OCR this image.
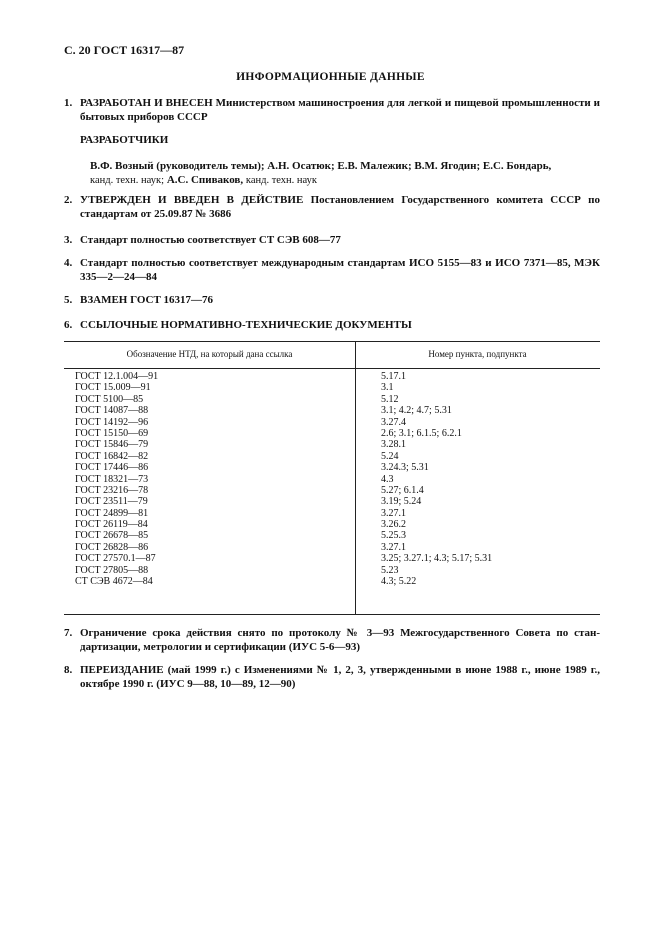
С. 20 ГОСТ 16317—87
ИНФОРМАЦИОННЫЕ ДАННЫЕ
1. РАЗРАБОТАН И ВНЕСЕН Министерством машиностроения для легкой и пищевой промышленности и бытовых приборов СССР
РАЗРАБОТЧИКИ
В.Ф. Возный (руководитель темы); А.Н. Осатюк; Е.В. Малежик; В.М. Ягодин; Е.С. Бондарь,
канд. техн. наук; А.С. Спиваков, канд. техн. наук
2. УТВЕРЖДЕН И ВВЕДЕН В ДЕЙСТВИЕ Постановлением Государственного комитета СССР по стандартам от 25.09.87 № 3686
3. Стандарт полностью соответствует СТ СЭВ 608—77
4. Стандарт полностью соответствует международным стандартам ИСО 5155—83 и ИСО 7371—85, МЭК 335—2—24—84
5. ВЗАМЕН ГОСТ 16317—76
6. ССЫЛОЧНЫЕ НОРМАТИВНО-ТЕХНИЧЕСКИЕ ДОКУМЕНТЫ
Обозначение НТД, на который дана ссылка	Номер пункта, подпункта
ГОСТ 12.1.004—91	5.17.1
ГОСТ 15.009—91	3.1
ГОСТ 5100—85	5.12
ГОСТ 14087—88	3.1; 4.2; 4.7; 5.31
ГОСТ 14192—96	3.27.4
ГОСТ 15150—69	2.6; 3.1; 6.1.5; 6.2.1
ГОСТ 15846—79	3.28.1
ГОСТ 16842—82	5.24
ГОСТ 17446—86	3.24.3; 5.31
ГОСТ 18321—73	4.3
ГОСТ 23216—78	5.27; 6.1.4
ГОСТ 23511—79	3.19; 5.24
ГОСТ 24899—81	3.27.1
ГОСТ 26119—84	3.26.2
ГОСТ 26678—85	5.25.3
ГОСТ 26828—86	3.27.1
ГОСТ 27570.1—87	3.25; 3.27.1; 4.3; 5.17; 5.31
ГОСТ 27805—88	5.23
СТ СЭВ 4672—84	4.3; 5.22
7. Ограничение срока действия снято по протоколу № 3—93 Межгосударственного Совета по стандартизации, метрологии и сертификации (ИУС 5-6—93)
8. ПЕРЕИЗДАНИЕ (май 1999 г.) с Изменениями № 1, 2, 3, утвержденными в июне 1988 г., июне 1989 г., октябре 1990 г. (ИУС 9—88, 10—89, 12—90)
